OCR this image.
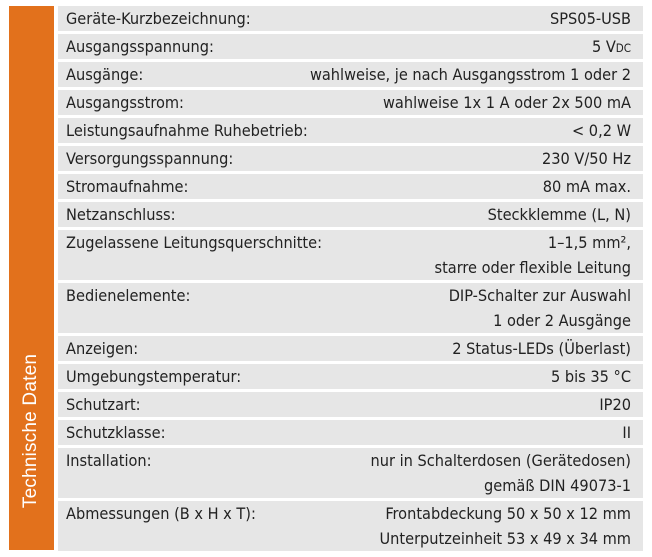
Technische Daten
Geräte-Kurzbezeichnung:	SPS05-USB
Ausgangsspannung:	5 VDC
Ausgänge:	wahlweise, je nach Ausgangsstrom 1 oder 2
Ausgangsstrom:	wahlweise 1x 1 A oder 2x 500 mA
Leistungsaufnahme Ruhebetrieb:	< 0,2 W
Versorgungsspannung:	230 V/50 Hz
Stromaufnahme:	80 mA max.
Netzanschluss:	Steckklemme (L, N)
Zugelassene Leitungsquerschnitte:	1–1,5 mm²,
starre oder flexible Leitung
Bedienelemente:	DIP-Schalter zur Auswahl
1 oder 2 Ausgänge
Anzeigen:	2 Status-LEDs (Überlast)
Umgebungstemperatur:	5 bis 35 °C
Schutzart:	IP20
Schutzklasse:	II
Installation:	nur in Schalterdosen (Gerätedosen)
gemäß DIN 49073-1
Abmessungen (B x H x T):	Frontabdeckung 50 x 50 x 12 mm
Unterputzeinheit 53 x 49 x 34 mm
